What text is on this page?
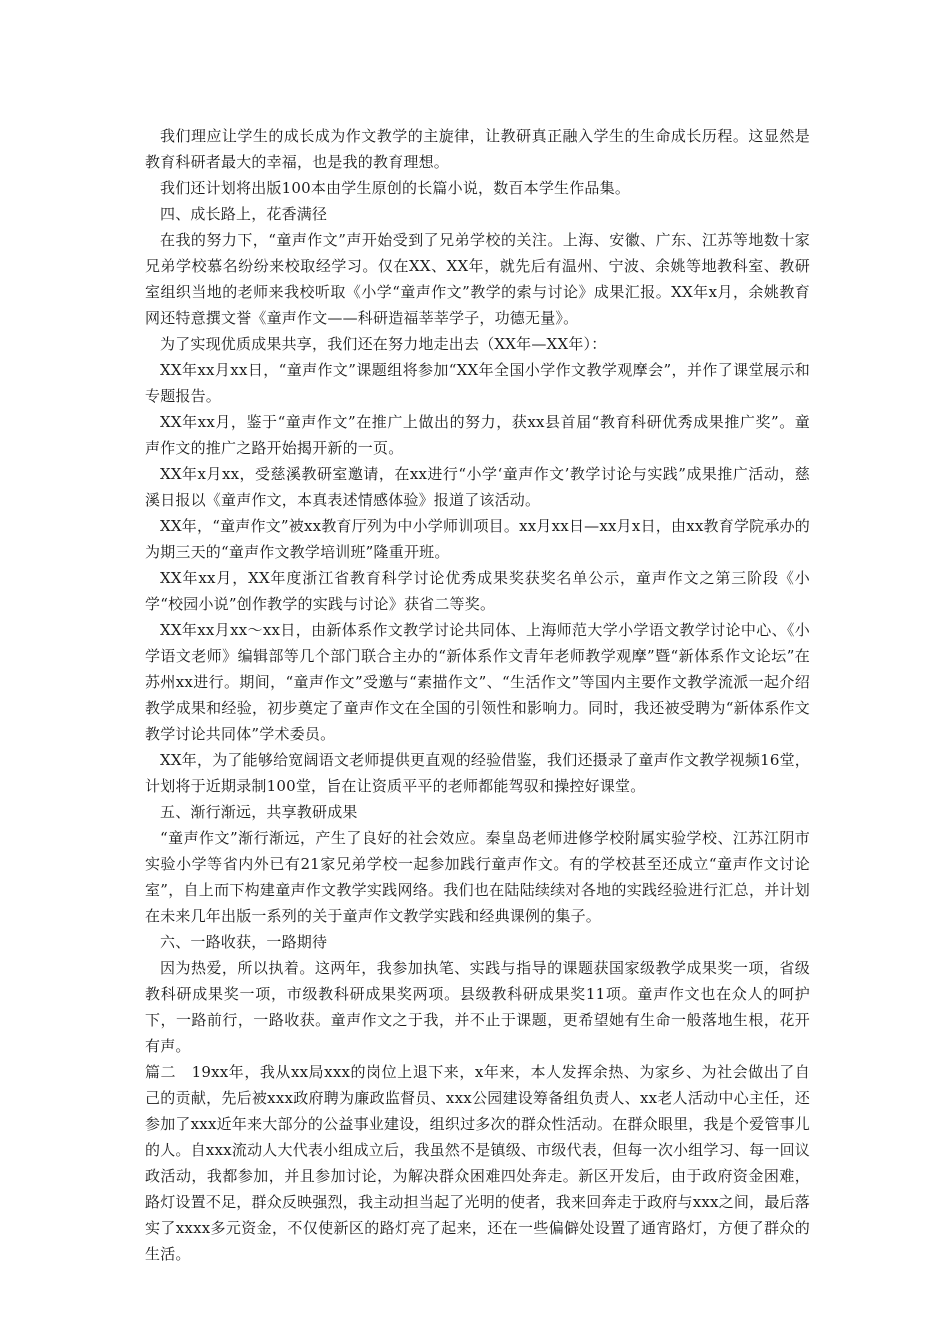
我们理应让学生的成长成为作文教学的主旋律，让教研真正融入学生的生命成长历程。这显然是教育科研者最大的幸福，也是我的教育理想。

我们还计划将出版100本由学生原创的长篇小说，数百本学生作品集。

四、成长路上，花香满径

在我的努力下，“童声作文”声开始受到了兄弟学校的关注。上海、安徽、广东、江苏等地数十家兄弟学校慕名纷纷来校取经学习。仅在XX、XX年，就先后有温州、宁波、余姚等地教科室、教研室组织当地的老师来我校听取《小学“童声作文”教学的索与讨论》成果汇报。XX年x月，余姚教育网还特意撰文誉《童声作文——科研造福莘莘学子，功德无量》。

为了实现优质成果共享，我们还在努力地走出去（XX年—XX年）：

XX年xx月xx日，“童声作文”课题组将参加“XX年全国小学作文教学观摩会”，并作了课堂展示和专题报告。

XX年xx月，鉴于“童声作文”在推广上做出的努力，获xx县首届“教育科研优秀成果推广奖”。童声作文的推广之路开始揭开新的一页。

XX年x月xx，受慈溪教研室邀请，在xx进行“小学‘童声作文’教学讨论与实践”成果推广活动，慈溪日报以《童声作文，本真表述情感体验》报道了该活动。

XX年，“童声作文”被xx教育厅列为中小学师训项目。xx月xx日—xx月x日，由xx教育学院承办的为期三天的“童声作文教学培训班”隆重开班。

XX年xx月，XX年度浙江省教育科学讨论优秀成果奖获奖名单公示，童声作文之第三阶段《小学“校园小说”创作教学的实践与讨论》获省二等奖。

XX年xx月xx～xx日，由新体系作文教学讨论共同体、上海师范大学小学语文教学讨论中心、《小学语文老师》编辑部等几个部门联合主办的“新体系作文青年老师教学观摩”暨“新体系作文论坛”在苏州xx进行。期间，“童声作文”受邀与“素描作文”、“生活作文”等国内主要作文教学流派一起介绍教学成果和经验，初步奠定了童声作文在全国的引领性和影响力。同时，我还被受聘为“新体系作文教学讨论共同体”学术委员。

XX年，为了能够给宽阔语文老师提供更直观的经验借鉴，我们还摄录了童声作文教学视频16堂，计划将于近期录制100堂，旨在让资质平平的老师都能驾驭和操控好课堂。

五、渐行渐远，共享教研成果

“童声作文”渐行渐远，产生了良好的社会效应。秦皇岛老师进修学校附属实验学校、江苏江阴市实验小学等省内外已有21家兄弟学校一起参加践行童声作文。有的学校甚至还成立“童声作文讨论室”，自上而下构建童声作文教学实践网络。我们也在陆陆续续对各地的实践经验进行汇总，并计划在未来几年出版一系列的关于童声作文教学实践和经典课例的集子。

六、一路收获，一路期待

因为热爱，所以执着。这两年，我参加执笔、实践与指导的课题获国家级教学成果奖一项，省级教科研成果奖一项，市级教科研成果奖两项。县级教科研成果奖11项。童声作文也在众人的呵护下，一路前行，一路收获。童声作文之于我，并不止于课题，更希望她有生命一般落地生根，花开有声。

篇二　19xx年，我从xx局xxx的岗位上退下来，x年来，本人发挥余热、为家乡、为社会做出了自己的贡献，先后被xxx政府聘为廉政监督员、xxx公园建设筹备组负责人、xx老人活动中心主任，还参加了xxx近年来大部分的公益事业建设，组织过多次的群众性活动。在群众眼里，我是个爱管事儿的人。自xxx流动人大代表小组成立后，我虽然不是镇级、市级代表，但每一次小组学习、每一回议政活动，我都参加，并且参加讨论，为解决群众困难四处奔走。新区开发后，由于政府资金困难，路灯设置不足，群众反映强烈，我主动担当起了光明的使者，我来回奔走于政府与xxx之间，最后落实了xxxx多元资金，不仅使新区的路灯亮了起来，还在一些偏僻处设置了通宵路灯，方便了群众的生活。
